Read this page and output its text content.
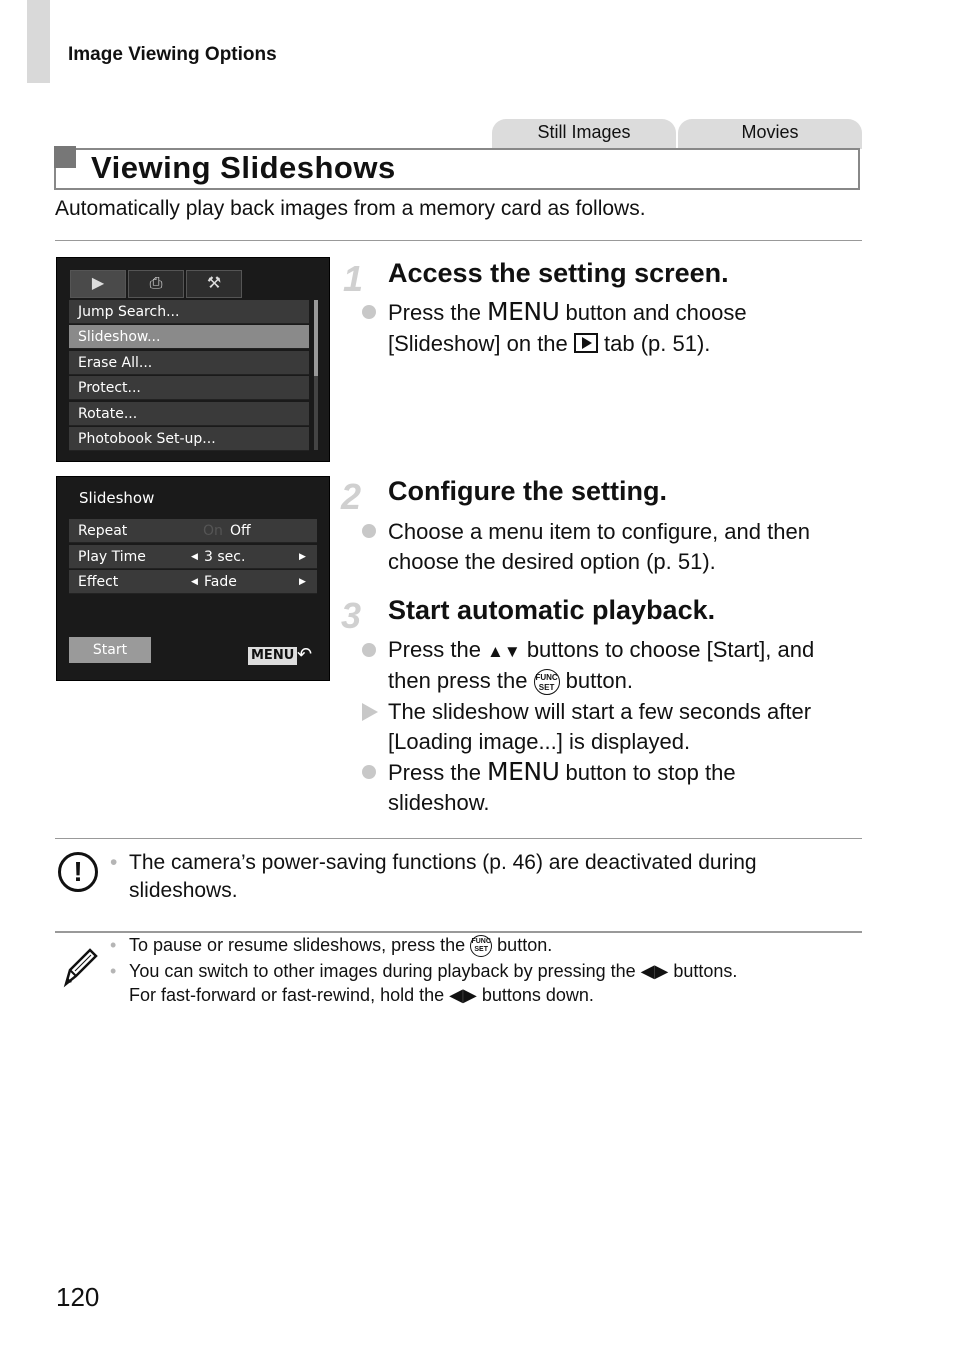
Image Viewing Options
Still Images	Movies
Viewing Slideshows
Automatically play back images from a memory card as follows.
▶	⎙	⚒
Jump Search...
Slideshow...
Erase All...
Protect...
Rotate...
Photobook Set-up...
Slideshow
Repeat	On Off
Play Time	◀ 3 sec.	▶
Effect	◀ Fade	▶
Start	MENU ↶
1 Access the setting screen.
Press the MENU button and choose
[Slideshow] on the  tab (p. 51).
2 Configure the setting.
Choose a menu item to configure, and then
choose the desired option (p. 51).
3 Start automatic playback.
Press the ▲▼ buttons to choose [Start], and
then press the FUNC
SET button.
The slideshow will start a few seconds after
[Loading image...] is displayed.
Press the MENU button to stop the
slideshow.
!	• The camera’s power-saving functions (p. 46) are deactivated during
slideshows.
• To pause or resume slideshows, press the FUNC
SET button.
• You can switch to other images during playback by pressing the ◀▶ buttons.
For fast-forward or fast-rewind, hold the ◀▶ buttons down.
120
